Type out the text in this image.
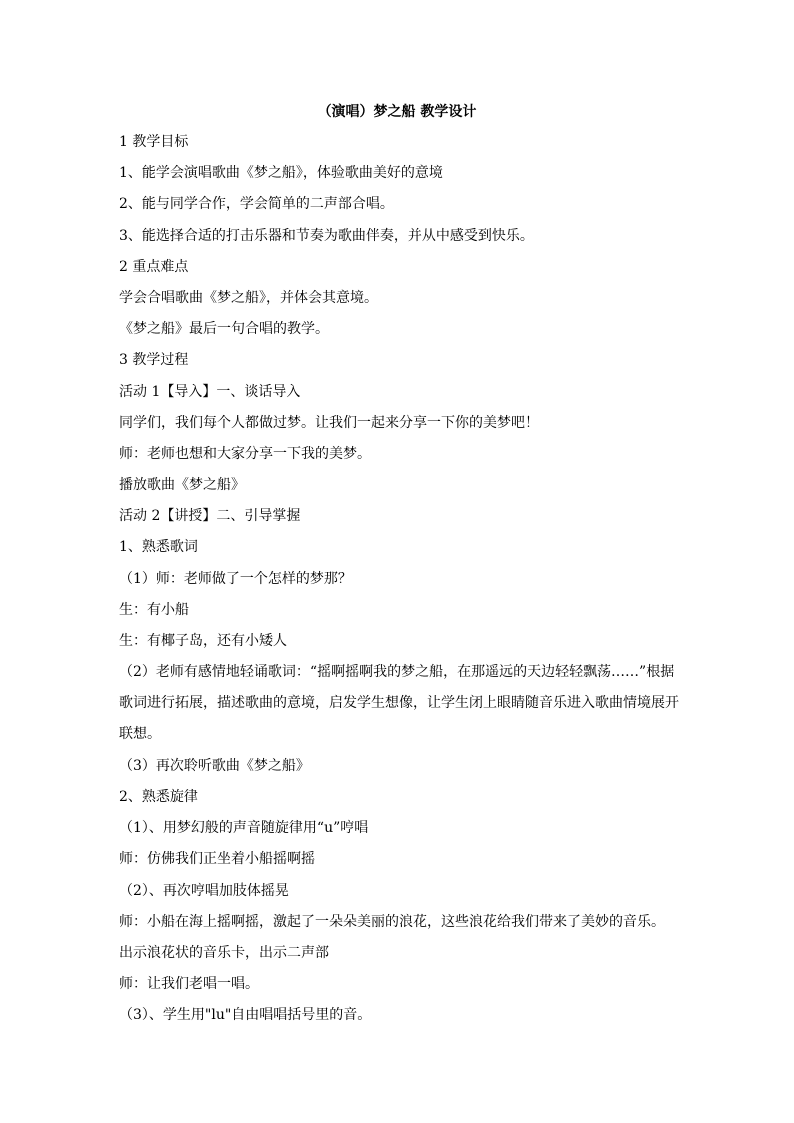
（演唱）梦之船 教学设计
1 教学目标
1、能学会演唱歌曲《梦之船》，体验歌曲美好的意境
2、能与同学合作，学会简单的二声部合唱。
3、能选择合适的打击乐器和节奏为歌曲伴奏，并从中感受到快乐。
2 重点难点
学会合唱歌曲《梦之船》，并体会其意境。
《梦之船》最后一句合唱的教学。
3 教学过程
活动 1【导入】一、谈话导入
同学们，我们每个人都做过梦。让我们一起来分享一下你的美梦吧！
师：老师也想和大家分享一下我的美梦。
播放歌曲《梦之船》
活动 2【讲授】二、引导掌握
1、熟悉歌词
（1）师：老师做了一个怎样的梦那？
生：有小船
生：有椰子岛，还有小矮人
（2）老师有感情地轻诵歌词：“摇啊摇啊我的梦之船，在那遥远的天边轻轻飘荡……”根据歌词进行拓展，描述歌曲的意境，启发学生想像，让学生闭上眼睛随音乐进入歌曲情境展开联想。
（3）再次聆听歌曲《梦之船》
2、熟悉旋律
（1）、用梦幻般的声音随旋律用“u”哼唱
师：仿佛我们正坐着小船摇啊摇
（2）、再次哼唱加肢体摇晃
师：小船在海上摇啊摇，激起了一朵朵美丽的浪花，这些浪花给我们带来了美妙的音乐。
出示浪花状的音乐卡，出示二声部
师：让我们老唱一唱。
（3）、学生用"lu"自由唱唱括号里的音。
